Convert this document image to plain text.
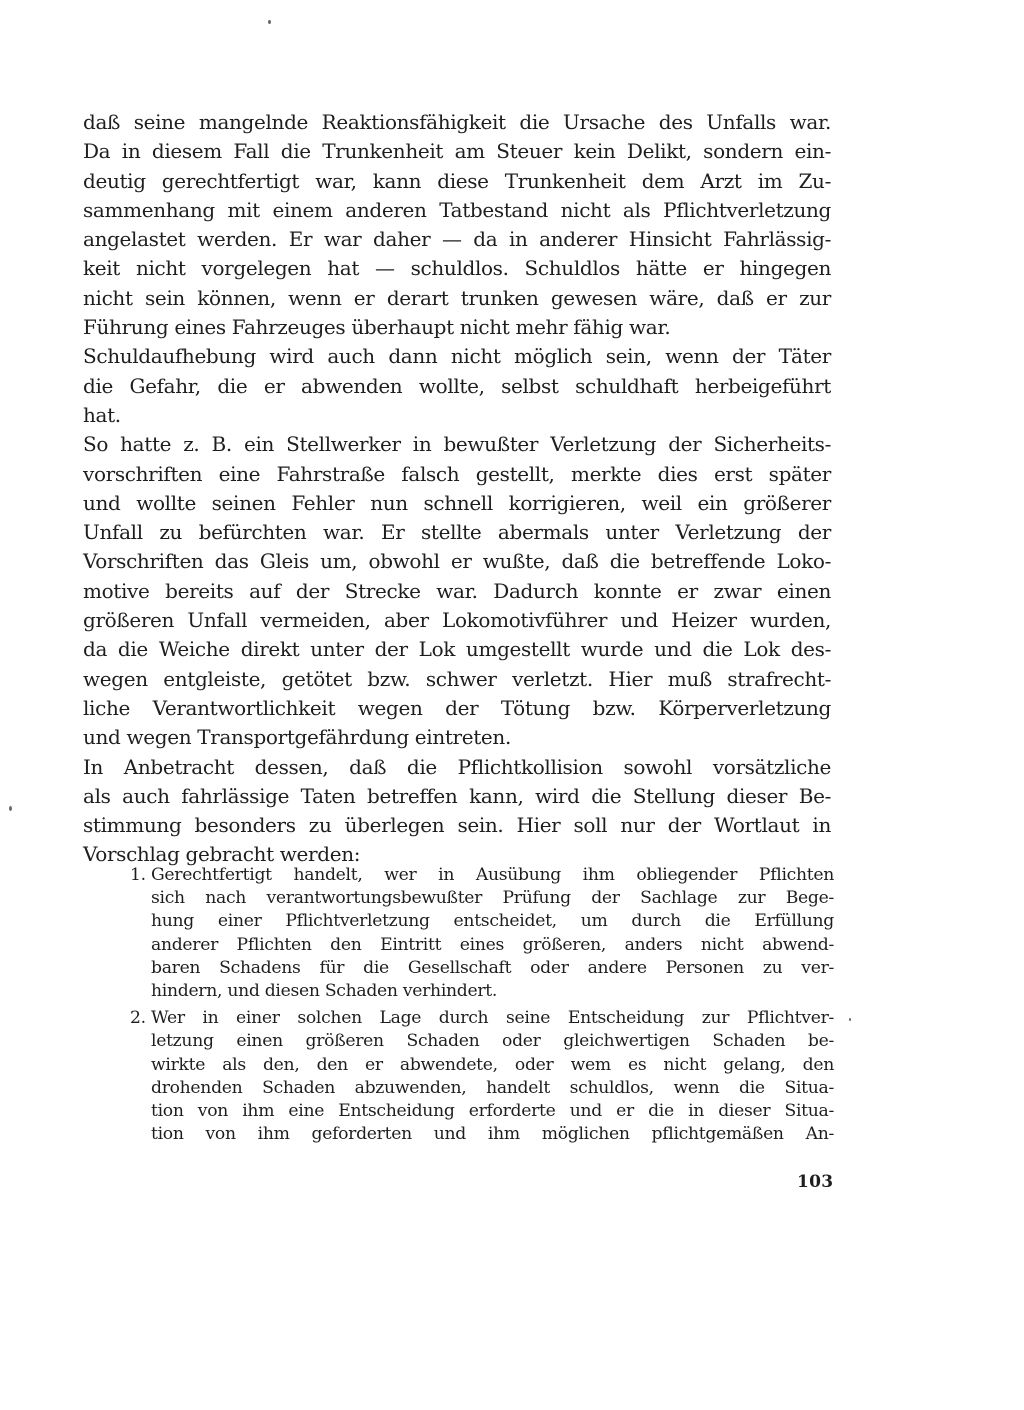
daß seine mangelnde Reaktionsfähigkeit die Ursache des Unfalls war.
Da in diesem Fall die Trunkenheit am Steuer kein Delikt, sondern ein-
deutig gerechtfertigt war, kann diese Trunkenheit dem Arzt im Zu-
sammenhang mit einem anderen Tatbestand nicht als Pflichtverletzung
angelastet werden. Er war daher — da in anderer Hinsicht Fahrlässig-
keit nicht vorgelegen hat — schuldlos. Schuldlos hätte er hingegen
nicht sein können, wenn er derart trunken gewesen wäre, daß er zur
Führung eines Fahrzeuges überhaupt nicht mehr fähig war.

Schuldaufhebung wird auch dann nicht möglich sein, wenn der Täter
die Gefahr, die er abwenden wollte, selbst schuldhaft herbeigeführt
hat.

So hatte z. B. ein Stellwerker in bewußter Verletzung der Sicherheits-
vorschriften eine Fahrstraße falsch gestellt, merkte dies erst später
und wollte seinen Fehler nun schnell korrigieren, weil ein größerer
Unfall zu befürchten war. Er stellte abermals unter Verletzung der
Vorschriften das Gleis um, obwohl er wußte, daß die betreffende Loko-
motive bereits auf der Strecke war. Dadurch konnte er zwar einen
größeren Unfall vermeiden, aber Lokomotivführer und Heizer wurden,
da die Weiche direkt unter der Lok umgestellt wurde und die Lok des-
wegen entgleiste, getötet bzw. schwer verletzt. Hier muß strafrecht-
liche Verantwortlichkeit wegen der Tötung bzw. Körperverletzung
und wegen Transportgefährdung eintreten.

In Anbetracht dessen, daß die Pflichtkollision sowohl vorsätzliche
als auch fahrlässige Taten betreffen kann, wird die Stellung dieser Be-
stimmung besonders zu überlegen sein. Hier soll nur der Wortlaut in
Vorschlag gebracht werden:

1. Gerechtfertigt handelt, wer in Ausübung ihm obliegender Pflichten
sich nach verantwortungsbewußter Prüfung der Sachlage zur Bege-
hung einer Pflichtverletzung entscheidet, um durch die Erfüllung
anderer Pflichten den Eintritt eines größeren, anders nicht abwend-
baren Schadens für die Gesellschaft oder andere Personen zu ver-
hindern, und diesen Schaden verhindert.
2. Wer in einer solchen Lage durch seine Entscheidung zur Pflichtver-
letzung einen größeren Schaden oder gleichwertigen Schaden be-
wirkte als den, den er abwendete, oder wem es nicht gelang, den
drohenden Schaden abzuwenden, handelt schuldlos, wenn die Situa-
tion von ihm eine Entscheidung erforderte und er die in dieser Situa-
tion von ihm geforderten und ihm möglichen pflichtgemäßen An-
103
